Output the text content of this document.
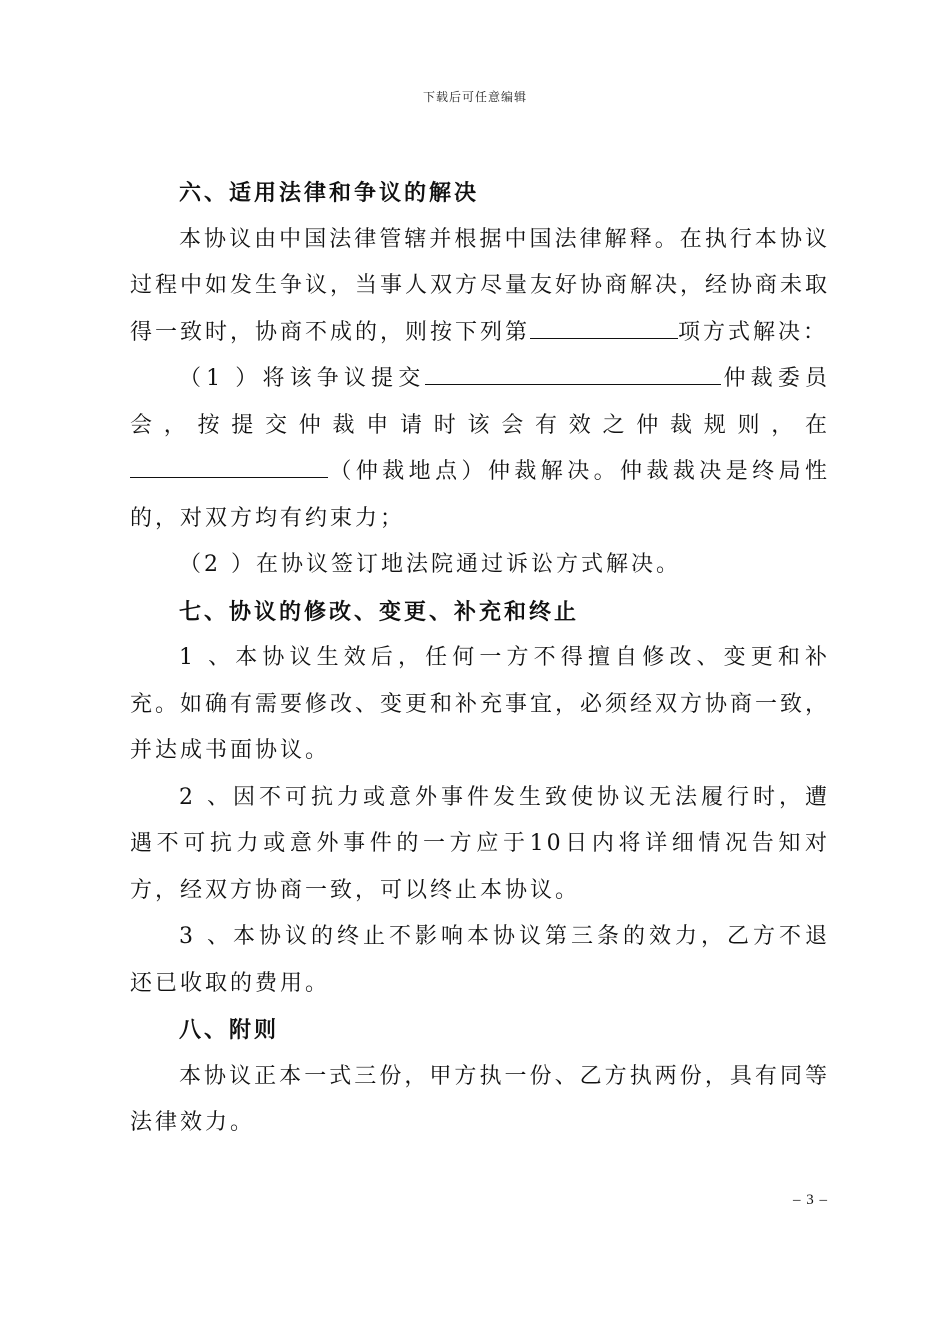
下载后可任意编辑

六、适用法律和争议的解决

本协议由中国法律管辖并根据中国法律解释。在执行本协议过程中如发生争议，当事人双方尽量友好协商解决，经协商未取得一致时，协商不成的，则按下列第	项方式解决：

（1 ）将该争议提交	仲裁委员会，按提交仲裁申请时该会有效之仲裁规则，在（仲裁地点）仲裁解决。仲裁裁决是终局性的，对双方均有约束力；

（2 ）在协议签订地法院通过诉讼方式解决。

七、协议的修改、变更、补充和终止

1 、本协议生效后，任何一方不得擅自修改、变更和补充。如确有需要修改、变更和补充事宜，必须经双方协商一致，并达成书面协议。

2 、因不可抗力或意外事件发生致使协议无法履行时，遭遇不可抗力或意外事件的一方应于10日内将详细情况告知对方，经双方协商一致，可以终止本协议。

3 、本协议的终止不影响本协议第三条的效力，乙方不退还已收取的费用。

八、附则

本协议正本一式三份，甲方执一份、乙方执两份，具有同等法律效力。

– 3 –
